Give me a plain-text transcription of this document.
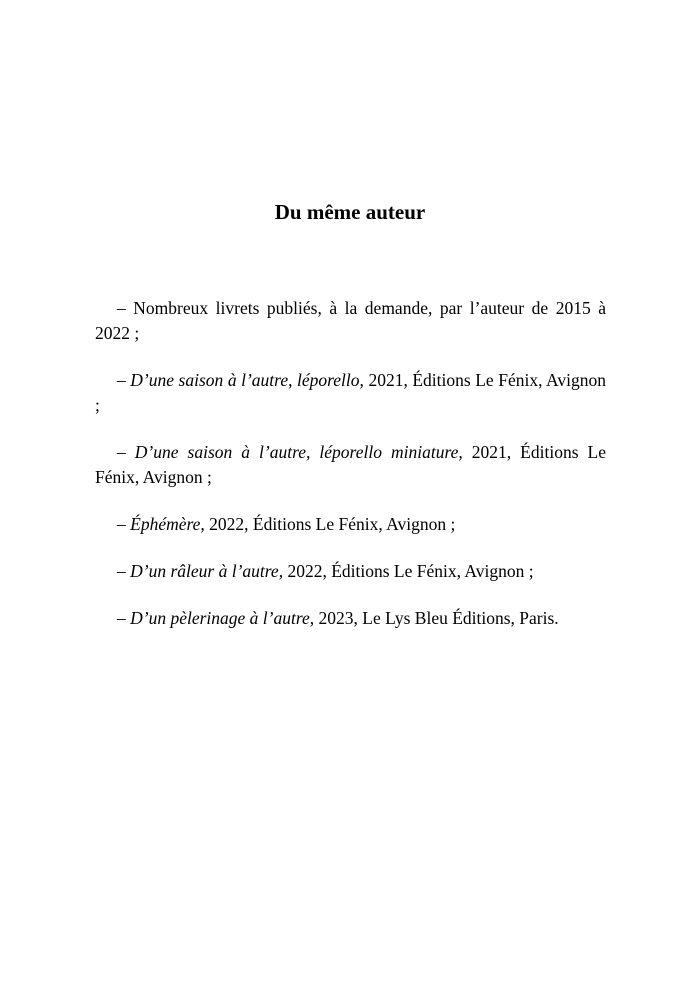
Du même auteur
– Nombreux livrets publiés, à la demande, par l’auteur de 2015 à 2022 ;
– D’une saison à l’autre, léporello, 2021, Éditions Le Fénix, Avignon ;
– D’une saison à l’autre, léporello miniature, 2021, Éditions Le Fénix, Avignon ;
– Éphémère, 2022, Éditions Le Fénix, Avignon ;
– D’un râleur à l’autre, 2022, Éditions Le Fénix, Avignon ;
– D’un pèlerinage à l’autre, 2023, Le Lys Bleu Éditions, Paris.
